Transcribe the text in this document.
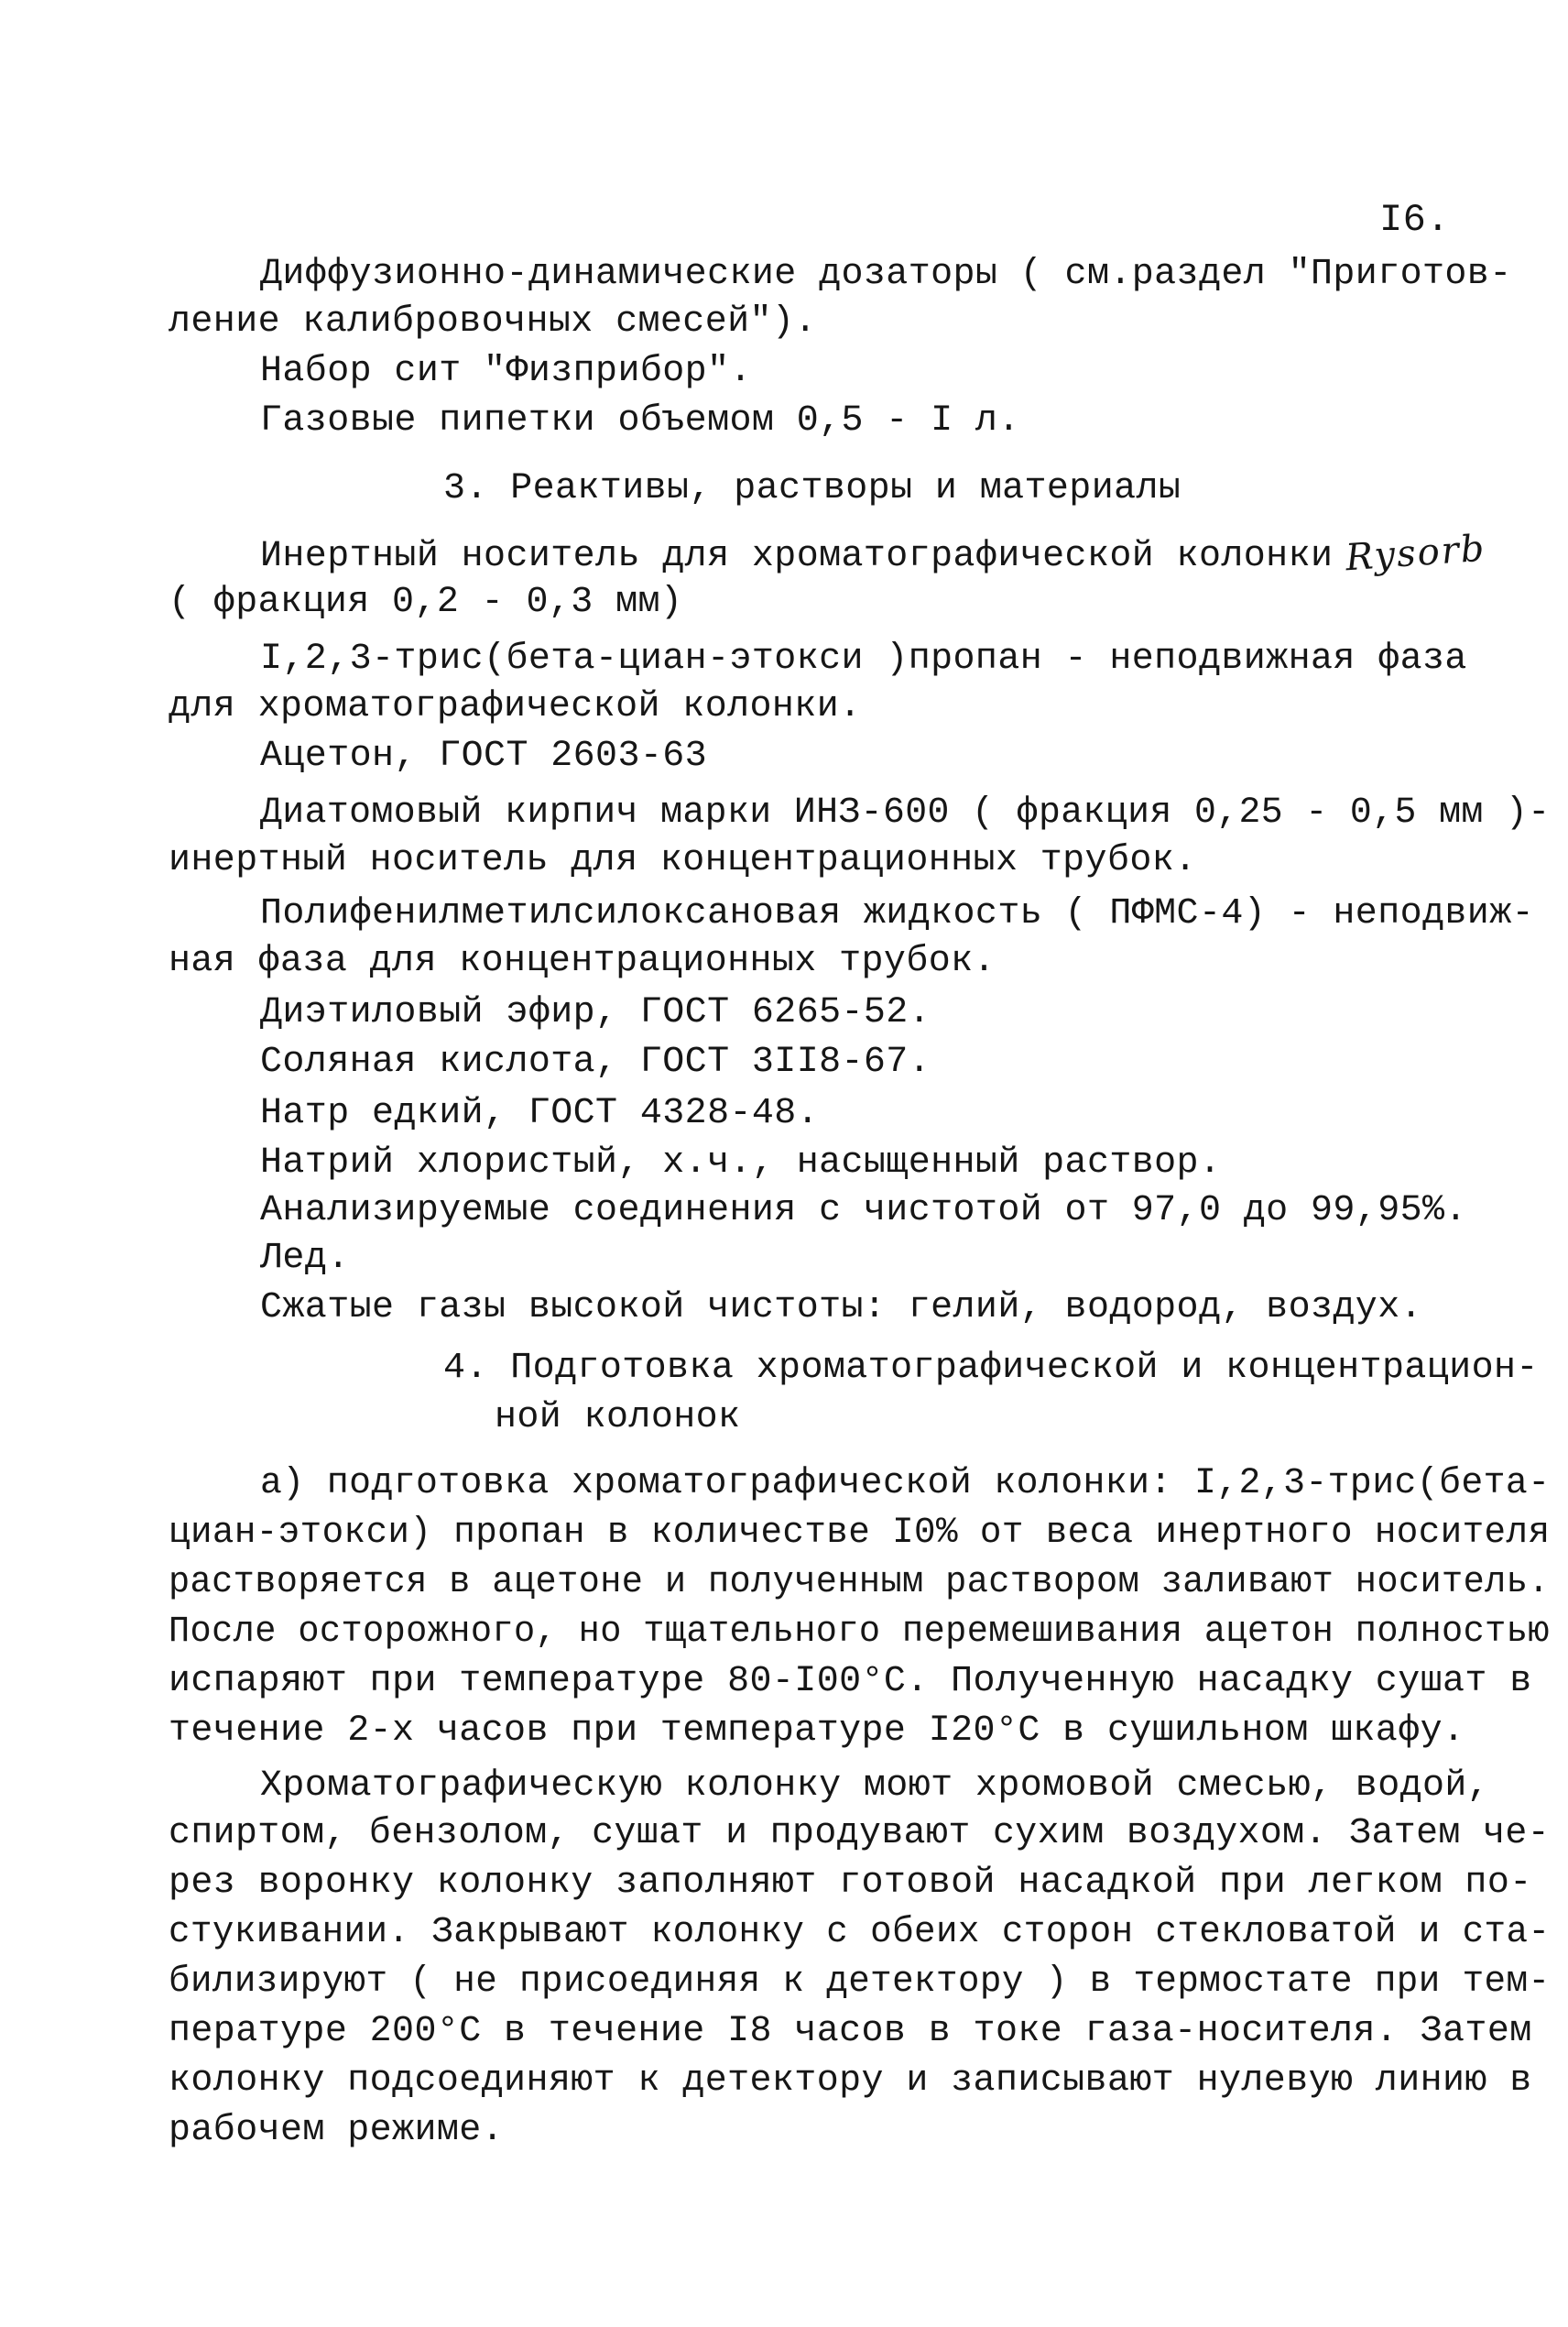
I6.

Диффузионно-динамические дозаторы ( см.раздел "Приготов-

ление калибровочных смесей").

Набор сит "Физприбор".

Газовые пипетки объемом 0,5 - I л.

3. Реактивы, растворы и материалы

Инертный носитель для хроматографической колонки Rysorb

( фракция 0,2 - 0,3 мм)

I,2,3-трис(бета-циан-этокси )пропан - неподвижная фаза

для хроматографической колонки.

Ацетон, ГОСТ 2603-63

Диатомовый кирпич марки ИНЗ-600 ( фракция 0,25 - 0,5 мм )-

инертный носитель для концентрационных трубок.

Полифенилметилсилоксановая жидкость ( ПФМС-4) - неподвиж-

ная фаза для концентрационных трубок.

Диэтиловый эфир, ГОСТ 6265-52.

Соляная кислота, ГОСТ 3II8-67.

Натр едкий, ГОСТ 4328-48.

Натрий хлористый, х.ч., насыщенный раствор.

Анализируемые соединения с чистотой от 97,0 до 99,95%.

Лед.

Сжатые газы высокой чистоты: гелий, водород, воздух.

4. Подготовка хроматографической и концентрацион-

ной колонок

а) подготовка хроматографической колонки: I,2,3-трис(бета-

циан-этокси) пропан в количестве I0% от веса инертного носителя

растворяется в ацетоне и полученным раствором заливают носитель.

После осторожного, но тщательного перемешивания ацетон полностью

испаряют при температуре 80-I00°С. Полученную насадку сушат в

течение 2-х часов при температуре I20°С в сушильном шкафу.

Хроматографическую колонку моют хромовой смесью, водой,

спиртом, бензолом, сушат и продувают сухим воздухом. Затем че-

рез воронку колонку заполняют готовой насадкой при легком по-

стукивании. Закрывают колонку с обеих сторон стекловатой и ста-

билизируют ( не присоединяя к детектору ) в термостате при тем-

пературе 200°С в течение I8 часов в токе газа-носителя. Затем

колонку подсоединяют к детектору и записывают нулевую линию в

рабочем режиме.
